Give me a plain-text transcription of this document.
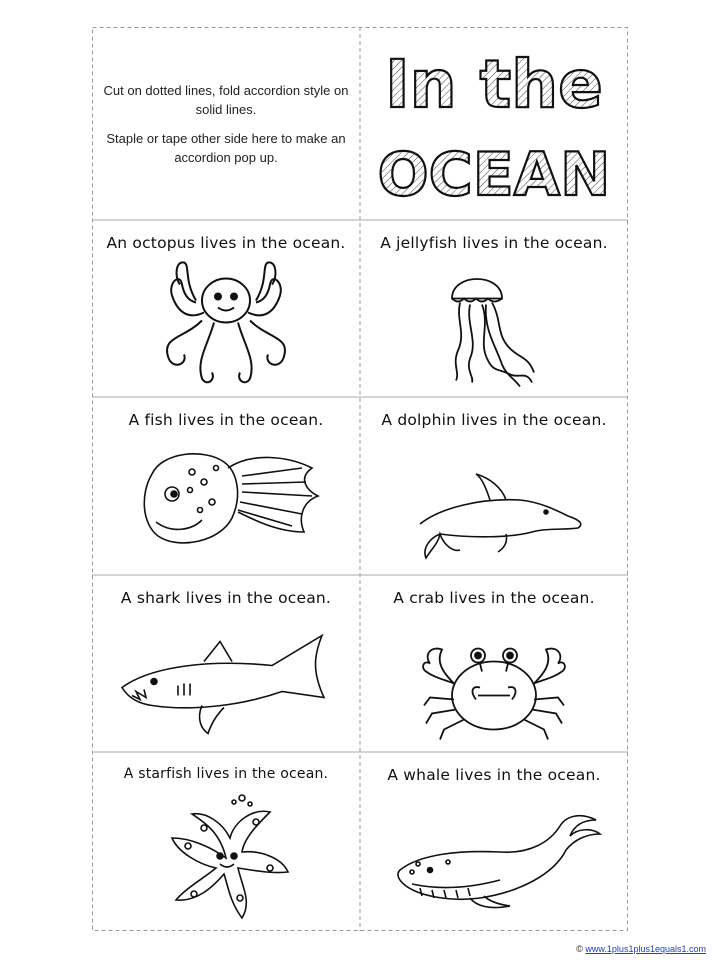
Cut on dotted lines, fold accordion style on solid lines.

Staple or tape other side here to make an accordion pop up.

In the
OCEAN
An octopus lives in the ocean.	A jellyfish lives in the ocean.
A fish lives in the ocean.	A dolphin lives in the ocean.
A shark lives in the ocean.	A crab lives in the ocean.
A starfish lives in the ocean.	A whale lives in the ocean.
© www.1plus1plus1equals1.com
